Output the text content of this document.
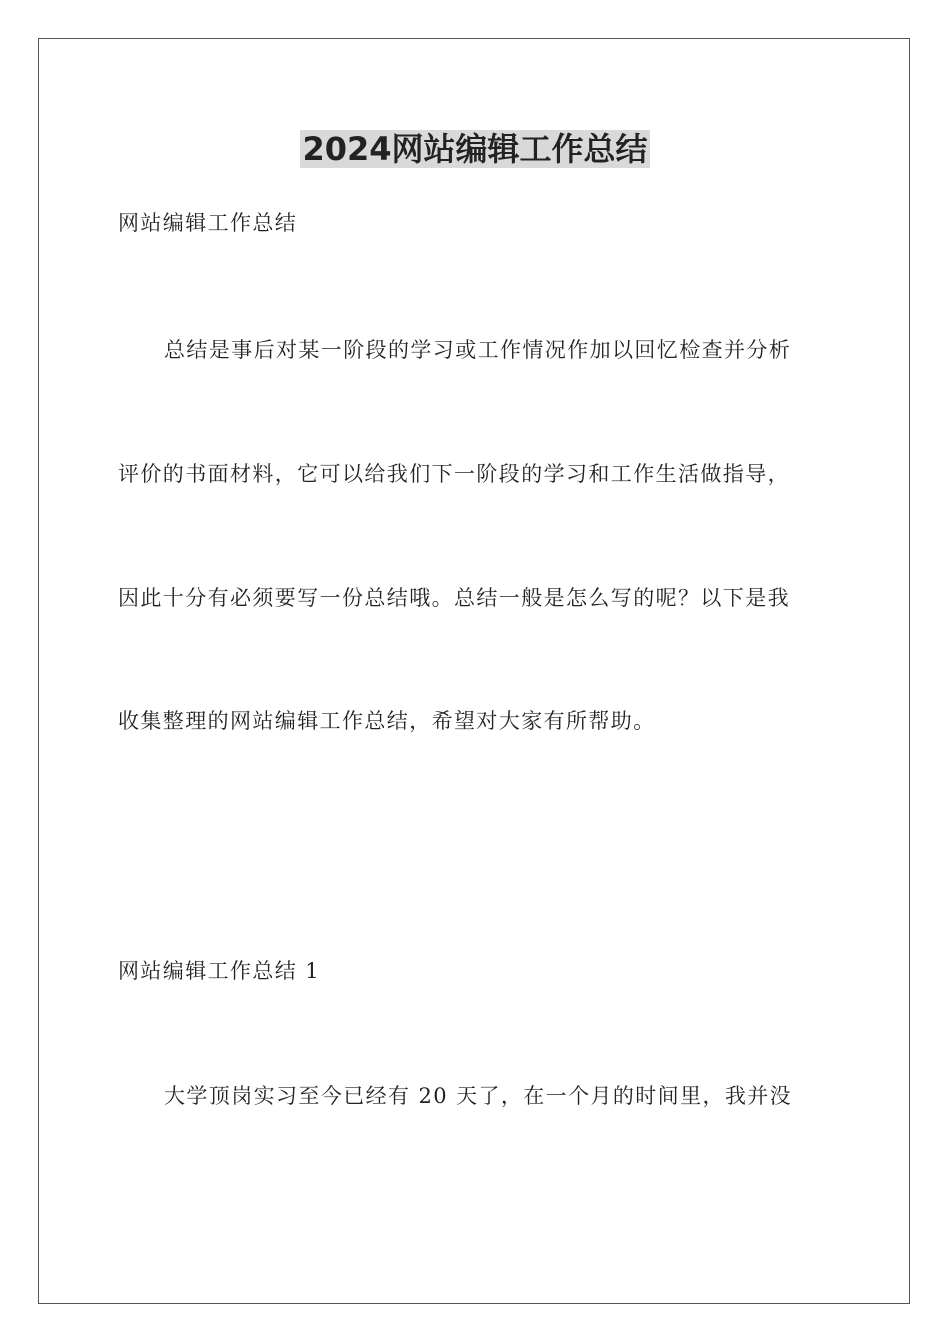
2024网站编辑工作总结
网站编辑工作总结
总结是事后对某一阶段的学习或工作情况作加以回忆检查并分析
评价的书面材料，它可以给我们下一阶段的学习和工作生活做指导，
因此十分有必须要写一份总结哦。总结一般是怎么写的呢？以下是我
收集整理的网站编辑工作总结，希望对大家有所帮助。
网站编辑工作总结 1
大学顶岗实习至今已经有 20 天了，在一个月的时间里，我并没
